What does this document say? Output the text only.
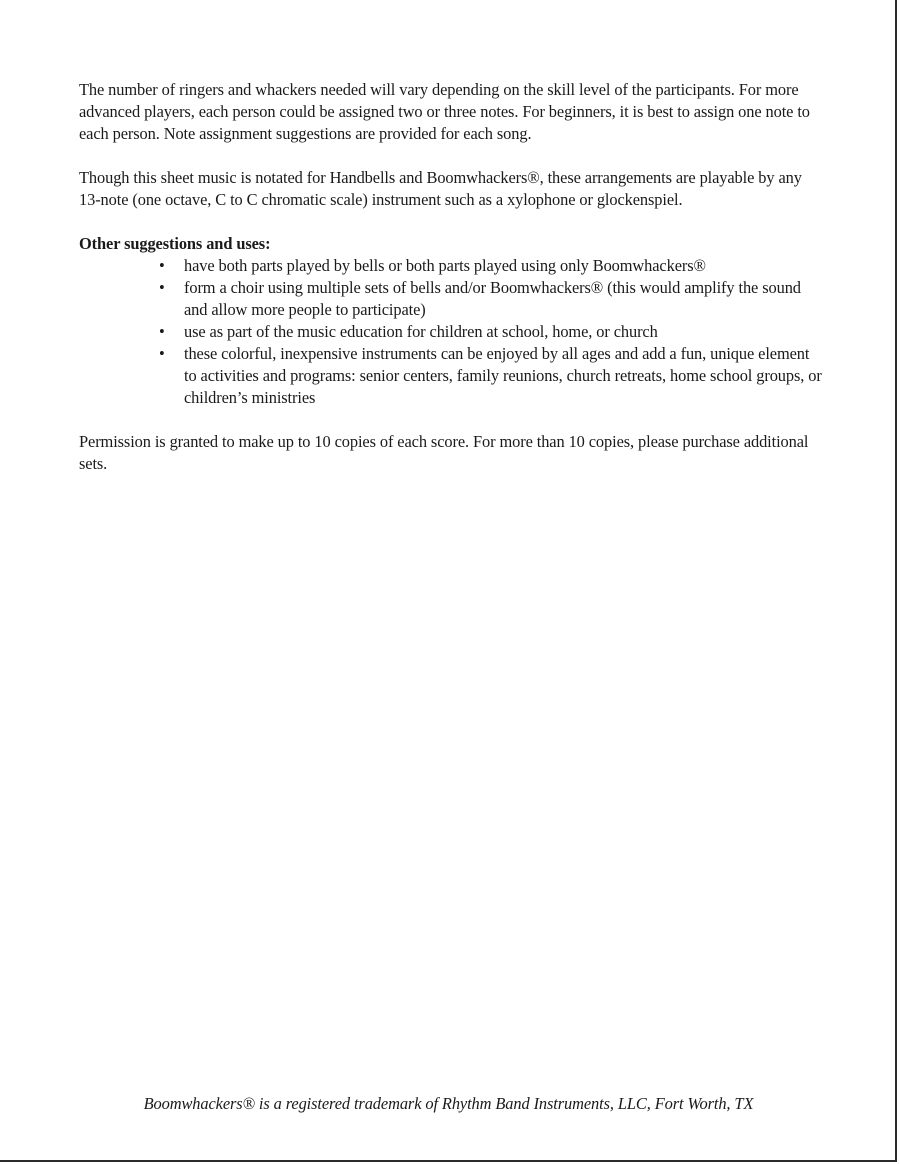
The number of ringers and whackers needed will vary depending on the skill level of the participants. For more advanced players, each person could be assigned two or three notes. For beginners, it is best to assign one note to each person. Note assignment suggestions are provided for each song.

Though this sheet music is notated for Handbells and Boomwhackers®, these arrangements are playable by any 13-note (one octave, C to C chromatic scale) instrument such as a xylophone or glockenspiel.

Other suggestions and uses:

• have both parts played by bells or both parts played using only Boomwhackers®
• form a choir using multiple sets of bells and/or Boomwhackers® (this would amplify the sound and allow more people to participate)
• use as part of the music education for children at school, home, or church
• these colorful, inexpensive instruments can be enjoyed by all ages and add a fun, unique element to activities and programs: senior centers, family reunions, church retreats, home school groups, or children’s ministries

Permission is granted to make up to 10 copies of each score. For more than 10 copies, please purchase additional sets.

Boomwhackers® is a registered trademark of Rhythm Band Instruments, LLC, Fort Worth, TX
